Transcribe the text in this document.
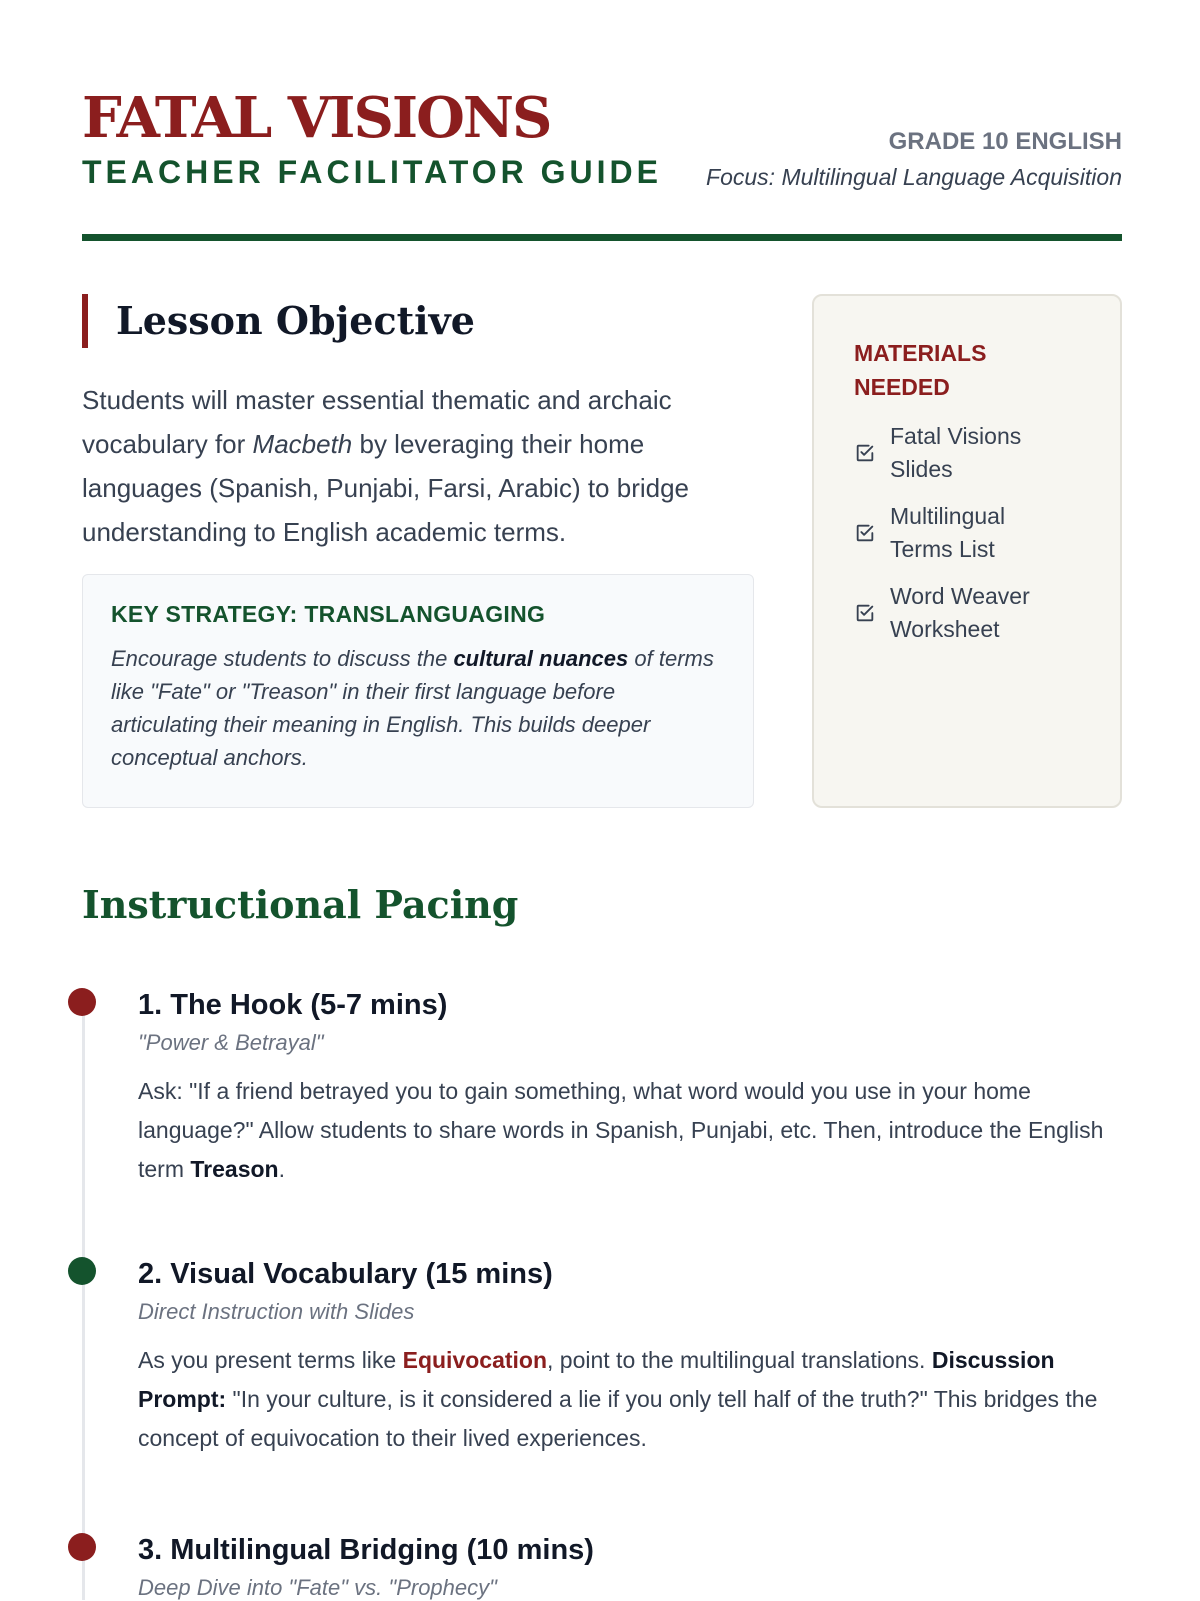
FATAL VISIONS
TEACHER FACILITATOR GUIDE
GRADE 10 ENGLISH
Focus: Multilingual Language Acquisition
Lesson Objective
Students will master essential thematic and archaic vocabulary for Macbeth by leveraging their home languages (Spanish, Punjabi, Farsi, Arabic) to bridge understanding to English academic terms.
KEY STRATEGY: TRANSLANGUAGING
Encourage students to discuss the cultural nuances of terms like "Fate" or "Treason" in their first language before articulating their meaning in English. This builds deeper conceptual anchors.
MATERIALS NEEDED
Fatal Visions Slides
Multilingual Terms List
Word Weaver Worksheet
Instructional Pacing
1. The Hook (5-7 mins)
"Power & Betrayal"
Ask: "If a friend betrayed you to gain something, what word would you use in your home language?" Allow students to share words in Spanish, Punjabi, etc. Then, introduce the English term Treason.
2. Visual Vocabulary (15 mins)
Direct Instruction with Slides
As you present terms like Equivocation, point to the multilingual translations. Discussion Prompt: "In your culture, is it considered a lie if you only tell half of the truth?" This bridges the concept of equivocation to their lived experiences.
3. Multilingual Bridging (10 mins)
Deep Dive into "Fate" vs. "Prophecy"
